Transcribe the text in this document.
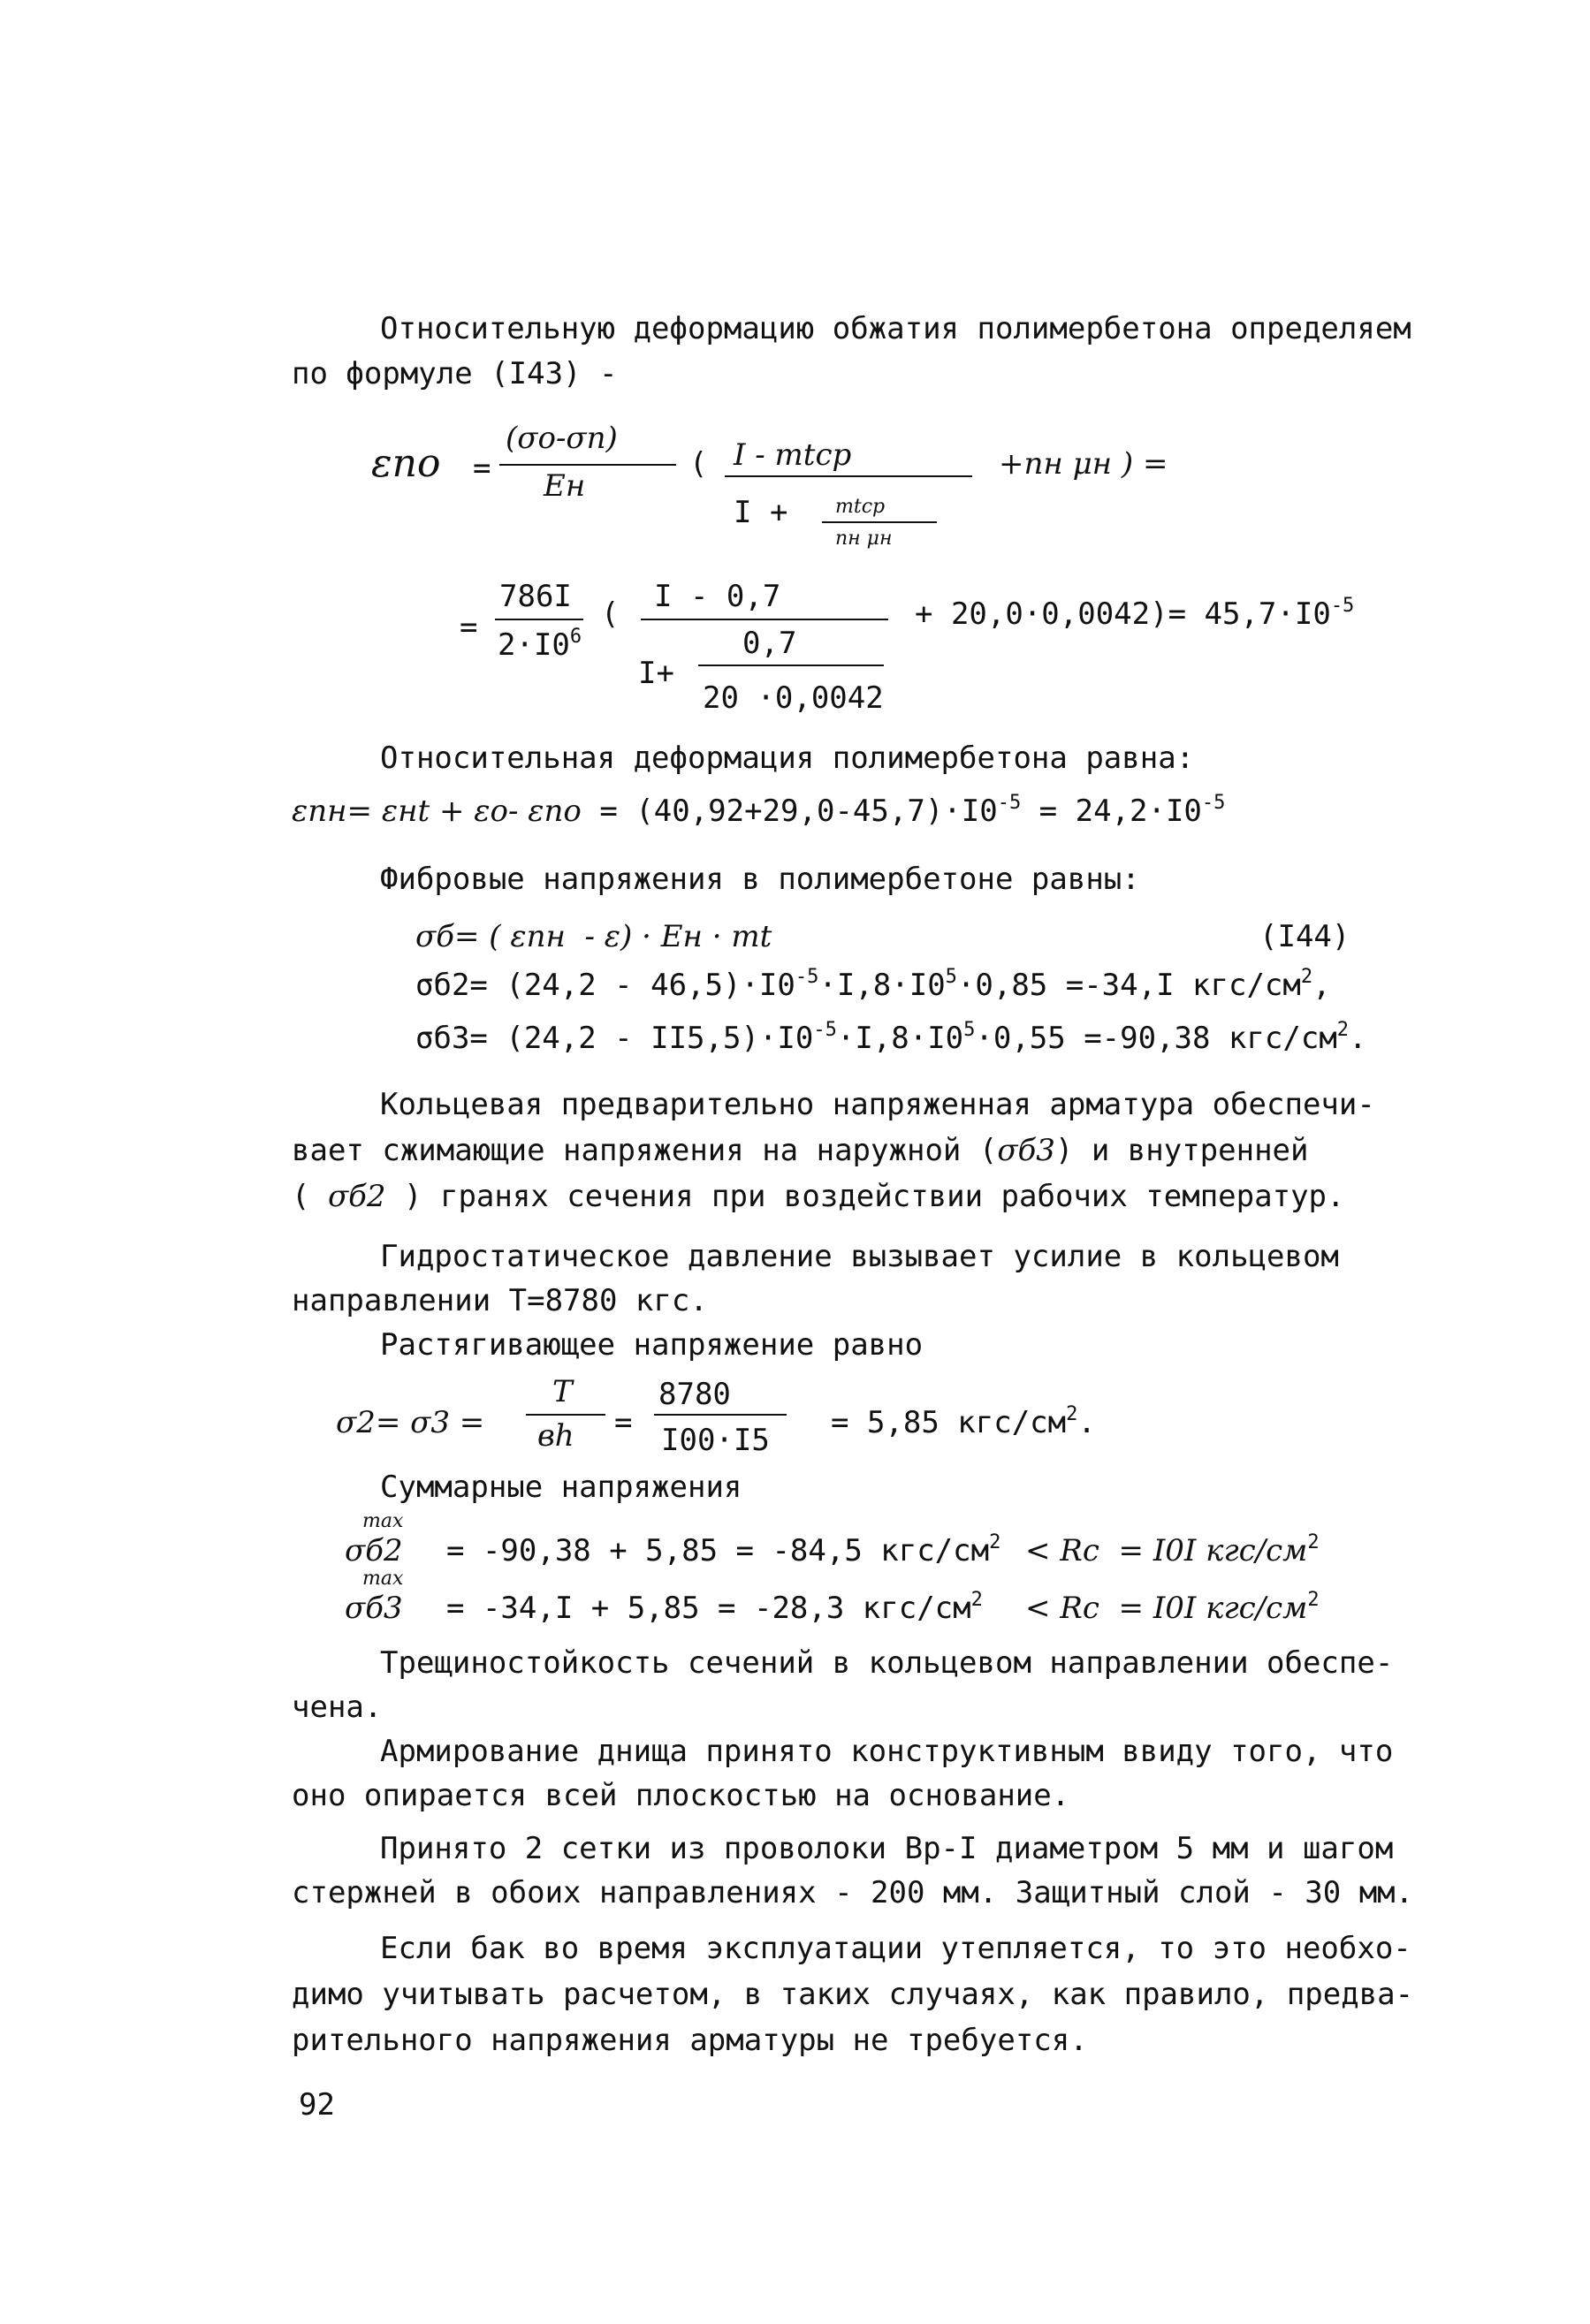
Относительную деформацию обжатия полимербетона определяем
по формуле (I43) -
εпо =
(σо-σп)
Eн
( I - mtср
I + mtср
nн μн
+nн μн ) =
=
786I
$2\cdot I0^6$
( I - 0,7
I+
0,7
20 ·0,0042
+ $20,0\cdot 0,0042)= 45,7\cdot I0^{-5}$
Относительная деформация полимербетона равна:
εпн= εнt + εо- $\varepsilon по = (40,92+29,0-45,7)\cdot I0^{-5} = 24,2\cdot I0^{-5}$
Фибровые напряжения в полимербетоне равны:
σб= ( εпн  - ε) · Eн · mt	(I44)
$\sigma б2= (24,2 - 46,5)\cdot I0^{-5}\cdot I,8\cdot I0^5\cdot 0,85 =-34,I$ кгс/$см^2$,
$\sigma б3= (24,2 - II5,5)\cdot I0^{-5}\cdot I,8\cdot I0^5\cdot 0,55 =-90,38$ кгс/$см^2$.
Кольцевая предварительно напряженная арматура обеспечи-
вает сжимающие напряжения на наружной (σб3) и внутренней
( σб2 ) гранях сечения при воздействии рабочих температур.
Гидростатическое давление вызывает усилие в кольцевом
направлении Т=8780 кгс.
Растягивающее напряжение равно
σ2= σ3 =
T
вh =
8780
I00·I5 = 5,85 кгс/$см^2$.
Суммарные напряжения
max
σб2 = -90,38 + 5,85 = -84,5 кгс/$см^2$ < Rс  = I0I кгс/$см^2$
max
σб3 = -34,I + 5,85 = -28,3 кгс/$см^2$ < Rс  = I0I кгс/$см^2$
Трещиностойкость сечений в кольцевом направлении обеспе-
чена.
Армирование днища принято конструктивным ввиду того, что
оно опирается всей плоскостью на основание.
Принято 2 сетки из проволоки Вр-I диаметром 5 мм и шагом
стержней в обоих направлениях - 200 мм. Защитный слой - 30 мм.
Если бак во время эксплуатации утепляется, то это необхо-
димо учитывать расчетом, в таких случаях, как правило, предва-
рительного напряжения арматуры не требуется.
92
